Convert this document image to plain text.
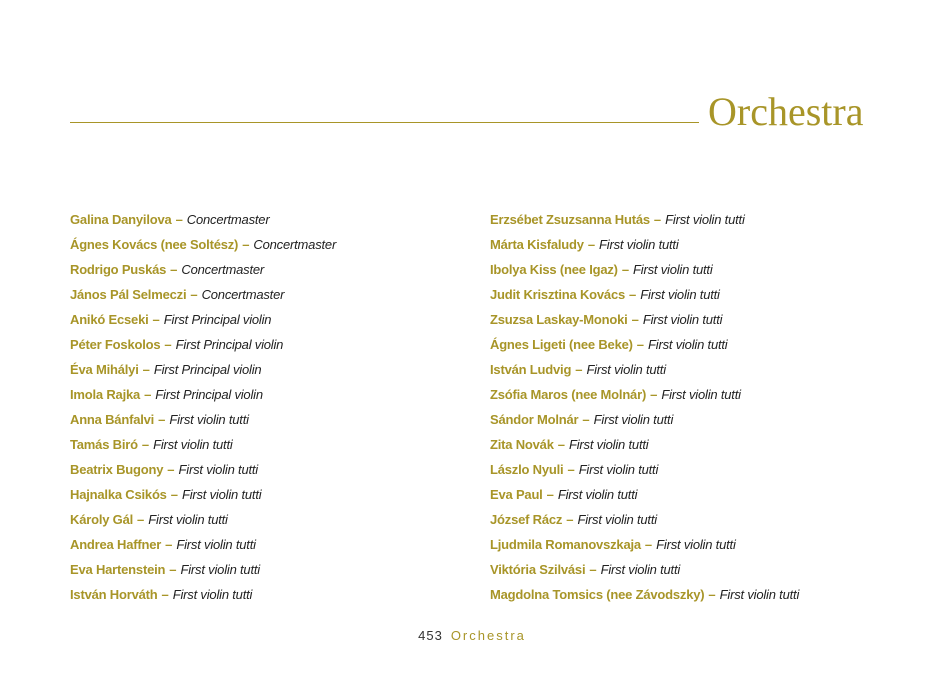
Orchestra
Galina Danyilova – Concertmaster
Ágnes Kovács (nee Soltész) – Concertmaster
Rodrigo Puskás – Concertmaster
János Pál Selmeczi – Concertmaster
Anikó Ecseki – First Principal violin
Péter Foskolos – First Principal violin
Éva Mihályi – First Principal violin
Imola Rajka – First Principal violin
Anna Bánfalvi – First violin tutti
Tamás Biró – First violin tutti
Beatrix Bugony – First violin tutti
Hajnalka Csikós – First violin tutti
Károly Gál – First violin tutti
Andrea Haffner – First violin tutti
Eva Hartenstein – First violin tutti
István Horváth – First violin tutti
Erzsébet Zsuzsanna Hutás – First violin tutti
Márta Kisfaludy – First violin tutti
Ibolya Kiss (nee Igaz) – First violin tutti
Judit Krisztina Kovács – First violin tutti
Zsuzsa Laskay-Monoki – First violin tutti
Ágnes Ligeti (nee Beke) – First violin tutti
István Ludvig – First violin tutti
Zsófia Maros (nee Molnár) – First violin tutti
Sándor Molnár – First violin tutti
Zita Novák – First violin tutti
Lászlo Nyuli – First violin tutti
Eva Paul – First violin tutti
József Rácz – First violin tutti
Ljudmila Romanovszkaja – First violin tutti
Viktória Szilvási – First violin tutti
Magdolna Tomsics (nee Závodszky) – First violin tutti
453 Orchestra
